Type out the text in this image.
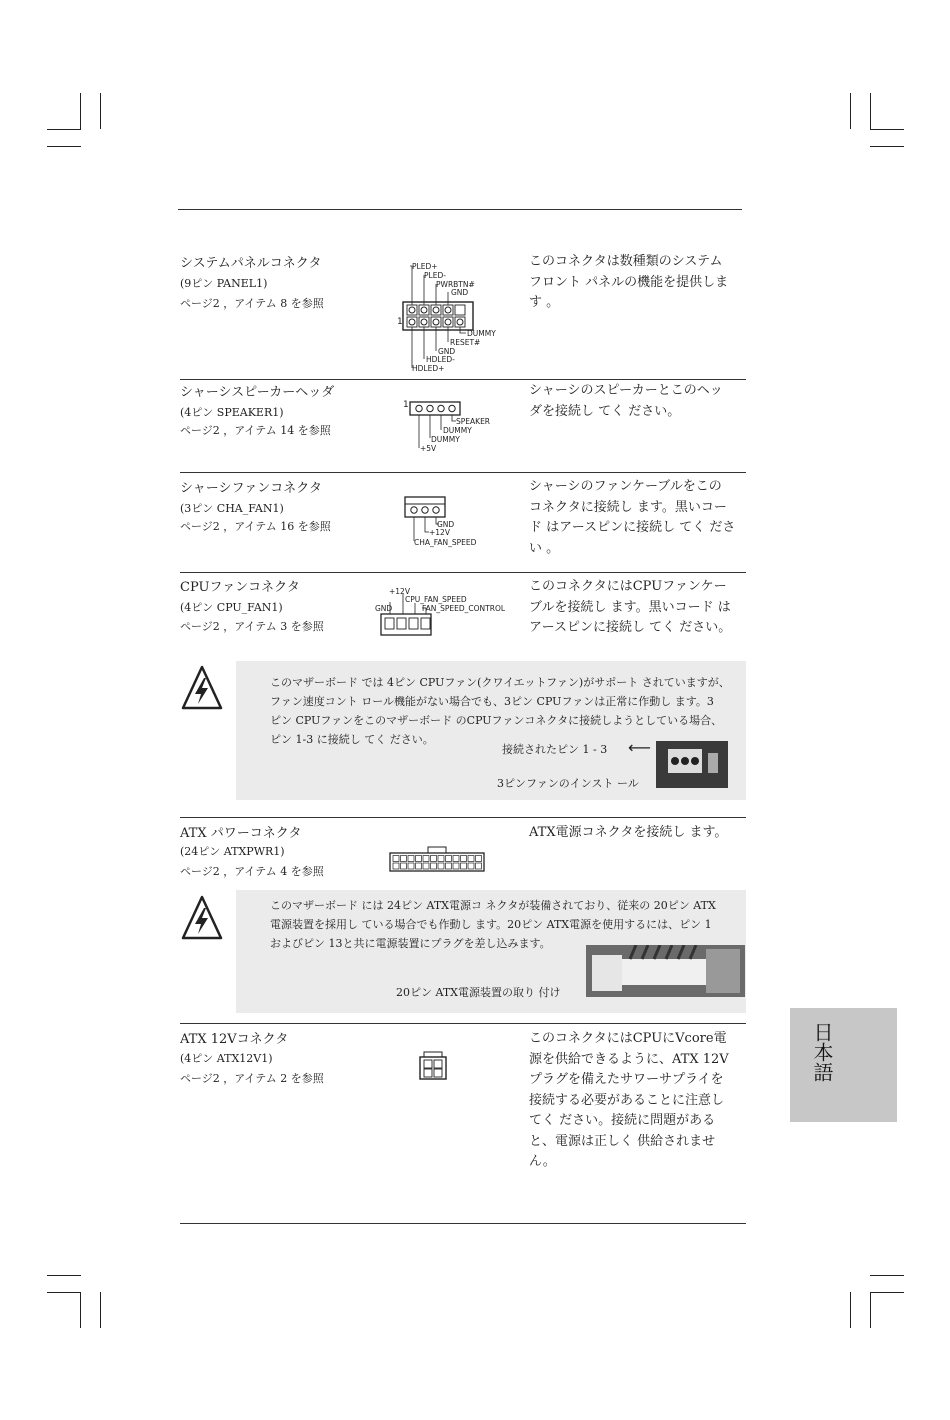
システムパネルコネクタ
(9ピン PANEL1)
ページ2 ，アイテム 8 を参照
このコネクタは数種類のシステム
フロント パネルの機能を提供しま
す 。
PLED+
PLED-
PWRBTN#
GND
DUMMY
RESET#
GND
HDLED-
HDLED+
1
シャーシスピーカーヘッダ
(4ピン SPEAKER1)
ページ2 ，アイテム 14 を参照
シャーシのスピーカーとこのヘッ
ダを接続し てく ださい。
SPEAKER
DUMMY
DUMMY
+5V
1
シャーシファンコネクタ
(3ピン CHA_FAN1)
ページ2 ，アイテム 16 を参照
シャーシのファンケーブルをこの
コネクタに接続し ます。黒いコー
ド はアースピンに接続し てく ださ
い 。
GND
+12V
CHA_FAN_SPEED
CPUファンコネクタ
(4ピン CPU_FAN1)
ページ2 ，アイテム 3 を参照
このコネクタにはCPUファンケー
ブルを接続し ます。黒いコード は
アースピンに接続し てく ださい。
+12V
CPU_FAN_SPEED
GND	FAN_SPEED_CONTROL
このマザーボード では 4ピン CPUファン(クワイエットファン)がサポート されていますが、
ファン速度コント ロール機能がない場合でも、3ピン CPUファンは正常に作動し ます。3
ピン CPUファンをこのマザーボード のCPUファンコネクタに接続しようとしている場合、
ピン 1-3 に接続し てく ださい。
接続されたピン 1 - 3 ⟵
3ピンファンのインスト ール
ATX パワーコネクタ
(24ピン ATXPWR1)
ページ2 ，アイテム 4 を参照
ATX電源コネクタを接続し ます。
このマザーボード には 24ピン ATX電源コ ネクタが装備されており、従来の 20ピン ATX
電源装置を採用し ている場合でも作動し ます。20ピン ATX電源を使用するには、ピン 1
およびピン 13と共に電源装置にプラグを差し込みます。
20ピン ATX電源装置の取り 付け
ATX 12Vコネクタ
(4ピン ATX12V1)
ページ2 ，アイテム 2 を参照
このコネクタにはCPUにVcore電
源を供給できるように、ATX 12V
プラグを備えたサワーサプライを
接続する必要があることに注意し
てく ださい。接続に問題がある
と、電源は正しく 供給されませ
ん。
日本語
